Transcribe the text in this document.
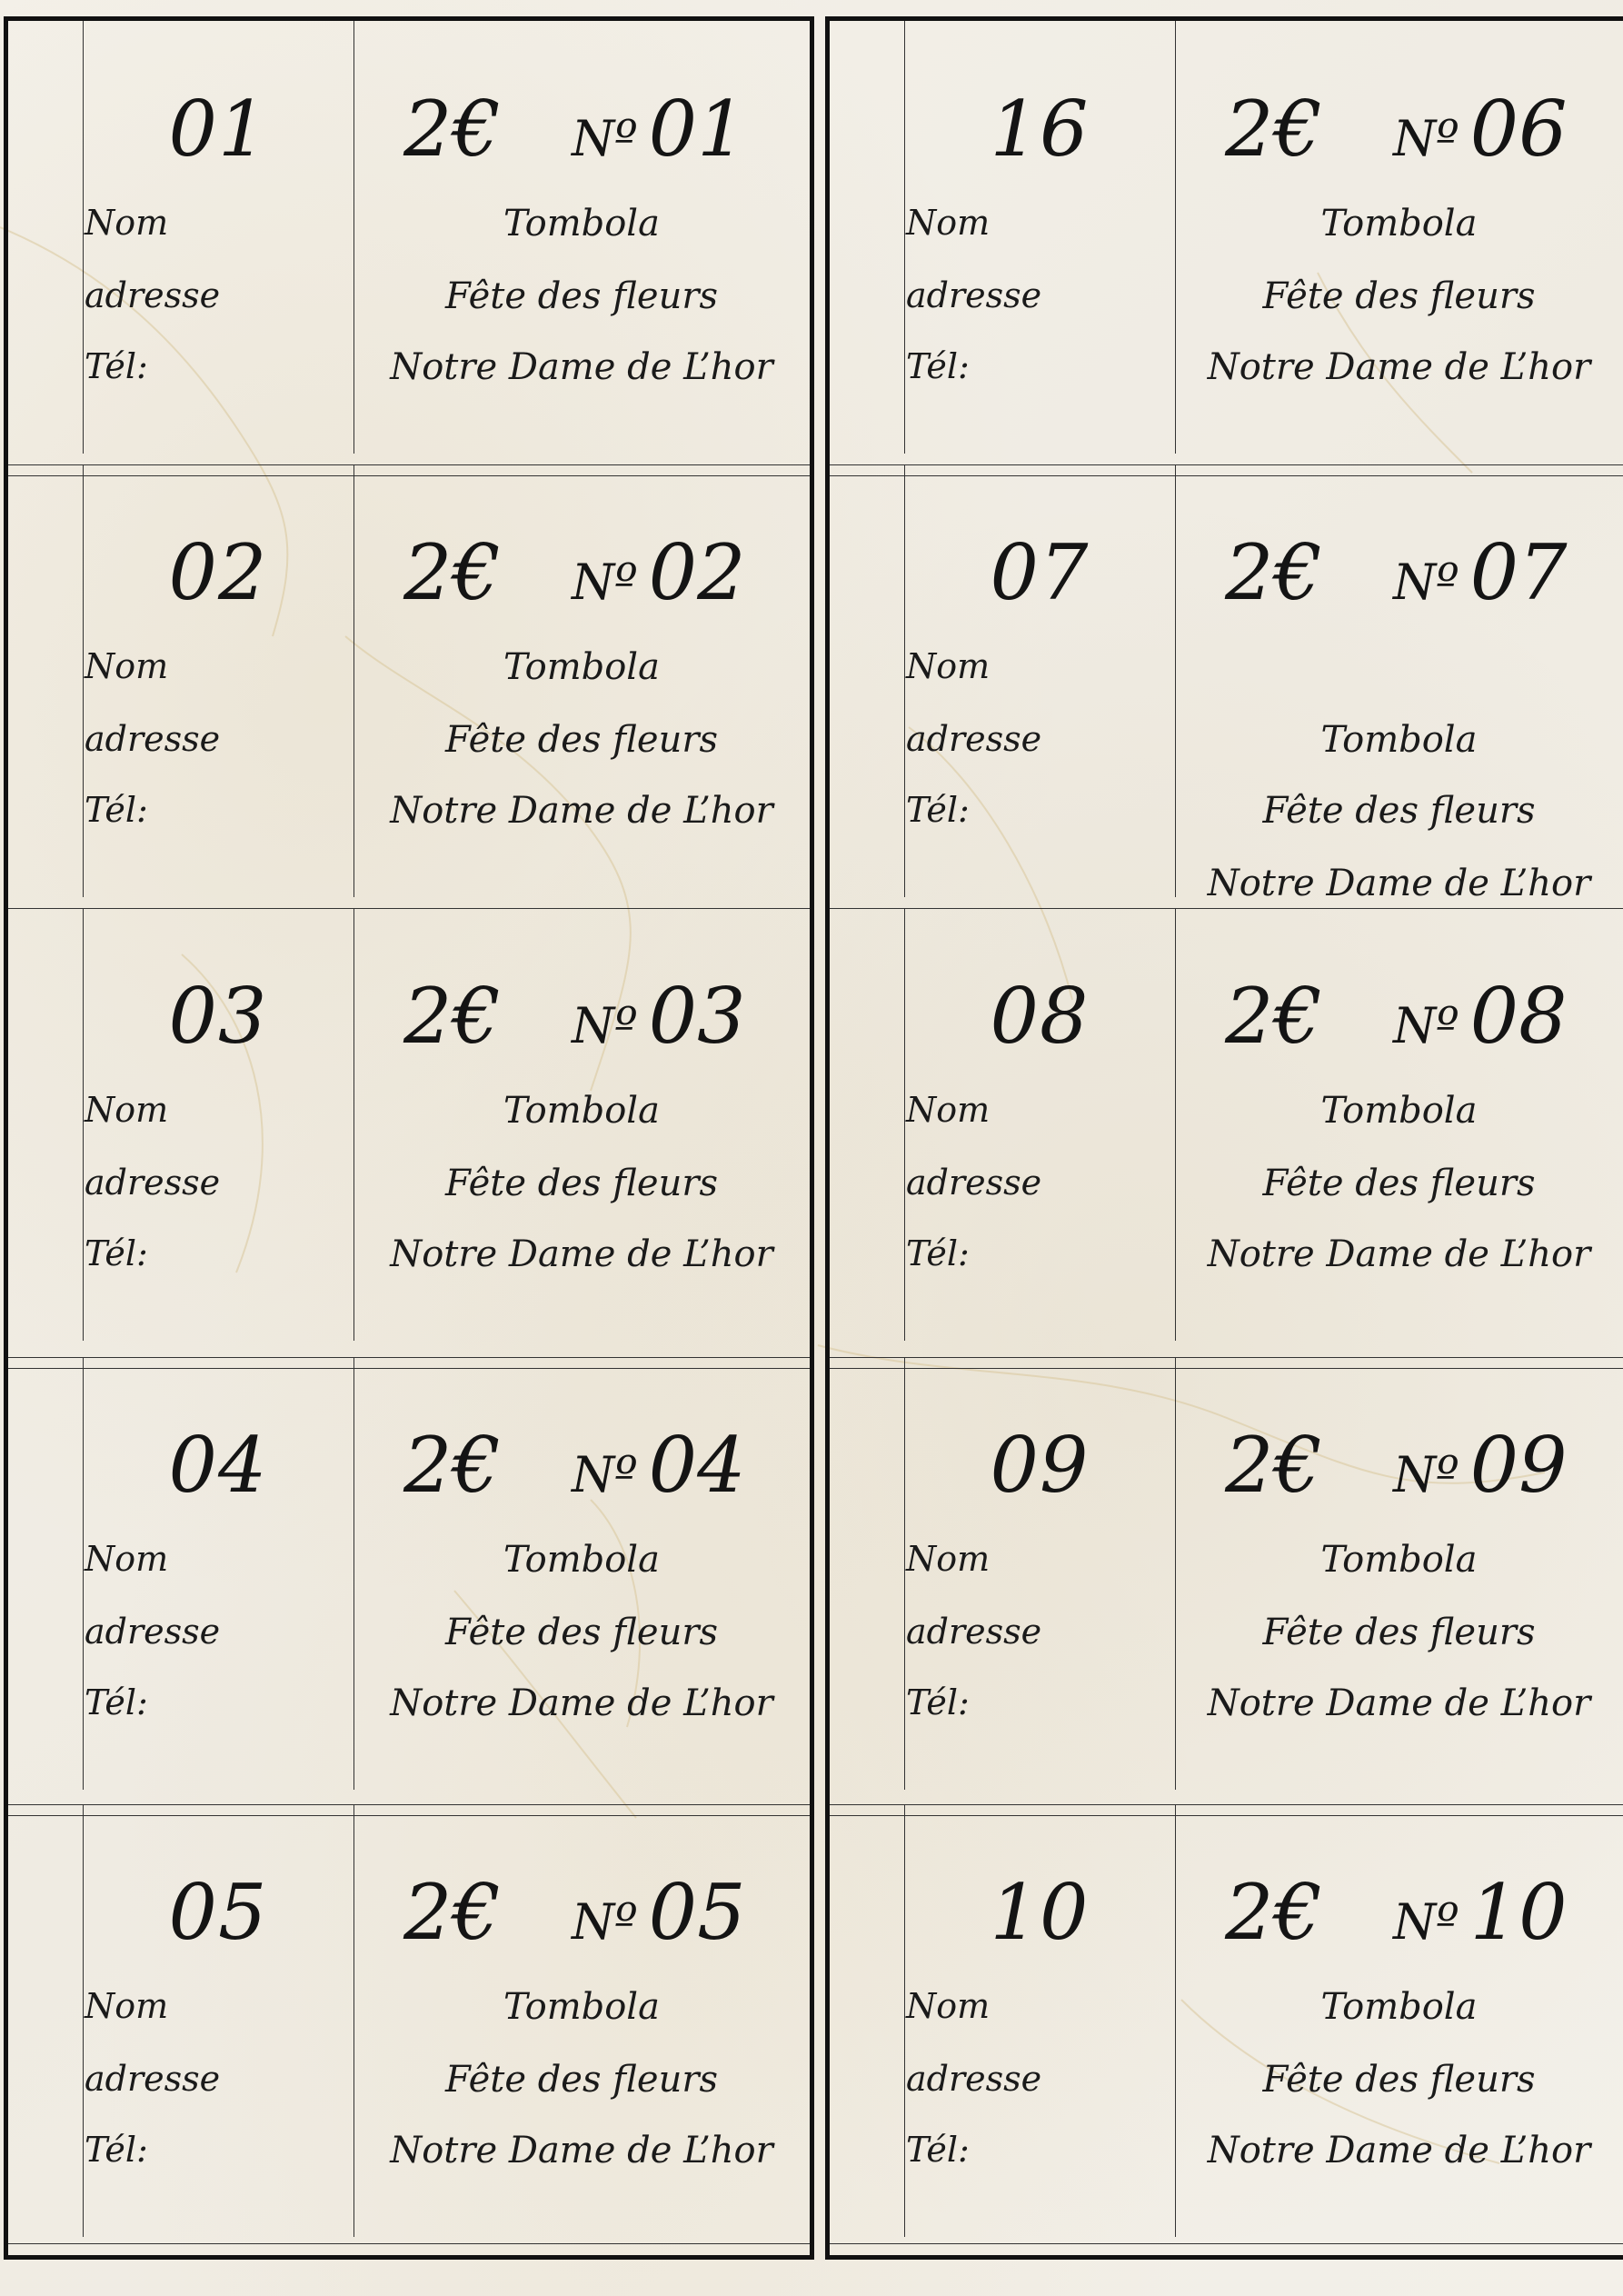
01
Nom
adresse
Tél:
2€ Nº 01
Tombola
Fête des fleurs
Notre Dame de L’hor
02
Nom
adresse
Tél:
2€ Nº 02
Tombola
Fête des fleurs
Notre Dame de L’hor
03
Nom
adresse
Tél:
2€ Nº 03
Tombola
Fête des fleurs
Notre Dame de L’hor
04
Nom
adresse
Tél:
2€ Nº 04
Tombola
Fête des fleurs
Notre Dame de L’hor
05
Nom
adresse
Tél:
2€ Nº 05
Tombola
Fête des fleurs
Notre Dame de L’hor
16
Nom
adresse
Tél:
2€ Nº 06
Tombola
Fête des fleurs
Notre Dame de L’hor
07
Nom
adresse
Tél:
2€ Nº 07
Tombola
Fête des fleurs
Notre Dame de L’hor
08
Nom
adresse
Tél:
2€ Nº 08
Tombola
Fête des fleurs
Notre Dame de L’hor
09
Nom
adresse
Tél:
2€ Nº 09
Tombola
Fête des fleurs
Notre Dame de L’hor
10
Nom
adresse
Tél:
2€ Nº 10
Tombola
Fête des fleurs
Notre Dame de L’hor
